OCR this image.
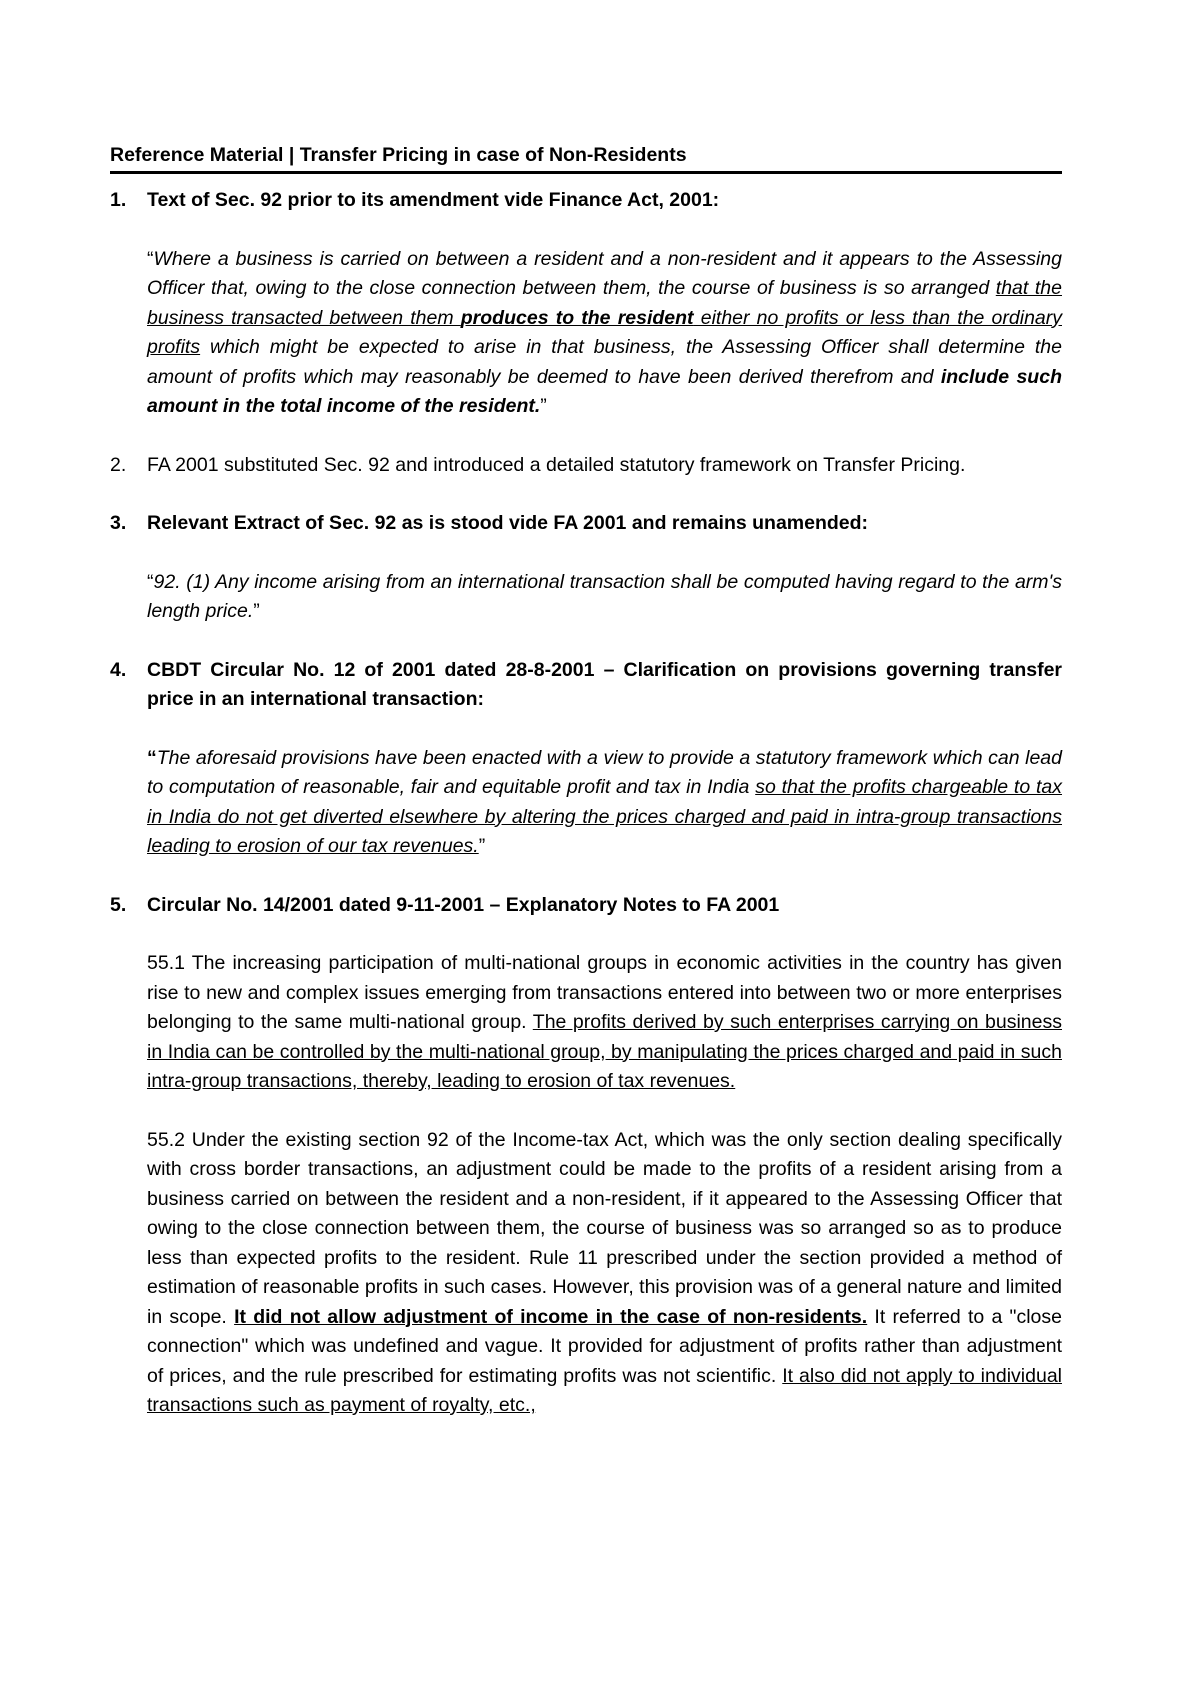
Reference Material | Transfer Pricing in case of Non-Residents
1. Text of Sec. 92 prior to its amendment vide Finance Act, 2001:
“Where a business is carried on between a resident and a non-resident and it appears to the Assessing Officer that, owing to the close connection between them, the course of business is so arranged that the business transacted between them produces to the resident either no profits or less than the ordinary profits which might be expected to arise in that business, the Assessing Officer shall determine the amount of profits which may reasonably be deemed to have been derived therefrom and include such amount in the total income of the resident.”
2. FA 2001 substituted Sec. 92 and introduced a detailed statutory framework on Transfer Pricing.
3. Relevant Extract of Sec. 92 as is stood vide FA 2001 and remains unamended:
“92. (1) Any income arising from an international transaction shall be computed having regard to the arm's length price.”
4. CBDT Circular No. 12 of 2001 dated 28-8-2001 – Clarification on provisions governing transfer price in an international transaction:
“The aforesaid provisions have been enacted with a view to provide a statutory framework which can lead to computation of reasonable, fair and equitable profit and tax in India so that the profits chargeable to tax in India do not get diverted elsewhere by altering the prices charged and paid in intra-group transactions leading to erosion of our tax revenues.”
5. Circular No. 14/2001 dated 9-11-2001 – Explanatory Notes to FA 2001
55.1 The increasing participation of multi-national groups in economic activities in the country has given rise to new and complex issues emerging from transactions entered into between two or more enterprises belonging to the same multi-national group. The profits derived by such enterprises carrying on business in India can be controlled by the multi-national group, by manipulating the prices charged and paid in such intra-group transactions, thereby, leading to erosion of tax revenues.
55.2 Under the existing section 92 of the Income-tax Act, which was the only section dealing specifically with cross border transactions, an adjustment could be made to the profits of a resident arising from a business carried on between the resident and a non-resident, if it appeared to the Assessing Officer that owing to the close connection between them, the course of business was so arranged so as to produce less than expected profits to the resident. Rule 11 prescribed under the section provided a method of estimation of reasonable profits in such cases. However, this provision was of a general nature and limited in scope. It did not allow adjustment of income in the case of non-residents. It referred to a "close connection" which was undefined and vague. It provided for adjustment of profits rather than adjustment of prices, and the rule prescribed for estimating profits was not scientific. It also did not apply to individual transactions such as payment of royalty, etc.,
